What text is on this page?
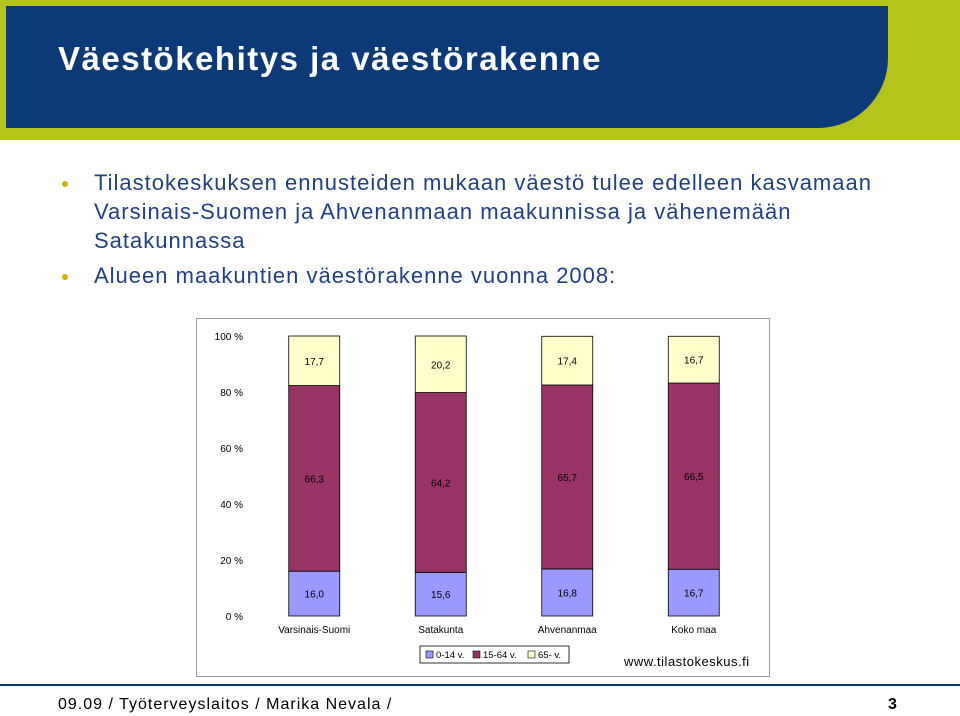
Väestökehitys ja väestörakenne
Tilastokeskuksen ennusteiden mukaan väestö tulee edelleen kasvamaan Varsinais-Suomen ja Ahvenanmaan maakunnissa ja vähenemään Satakunnassa
Alueen maakuntien väestörakenne vuonna 2008:
0 %
20 %
40 %
60 %
80 %
100 %
16,0
66,3
17,7
Varsinais-Suomi
15,6
64,2
20,2
Satakunta
16,8
65,7
17,4
Ahvenanmaa
16,7
66,5
16,7
Koko maa
0-14 v. 15-64 v. 65- v.	www.tilastokeskus.fi
09.09 / Työterveyslaitos / Marika Nevala /	3
